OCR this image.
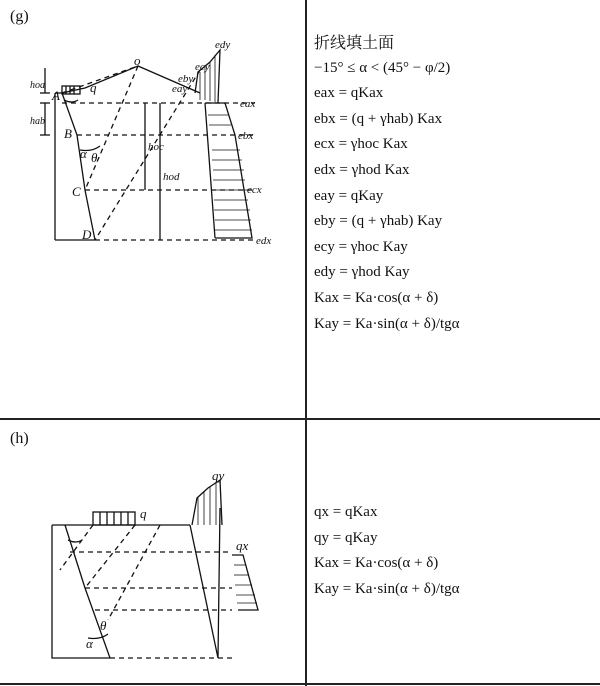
(g)
A
B
C
D
o
q
α θ
hoa
hab
hoc
hod
eax
ebx
ecx
edx
eay
eby
ecy
edy	折线填土面
−15° ≤ α < (45° − φ/2)
eax = qKax
ebx = (q + γhab) Kax
ecx = γhoc Kax
edx = γhod Kax
eay = qKay
eby = (q + γhab) Kay
ecy = γhoc Kay
edy = γhod Kay
Kax = Ka·cos(α + δ)
Kay = Ka·sin(α + δ)/tgα
(h)
q
qy
qx
α
θ
qx = qKax
qy = qKay
Kax = Ka·cos(α + δ)
Kay = Ka·sin(α + δ)/tgα
